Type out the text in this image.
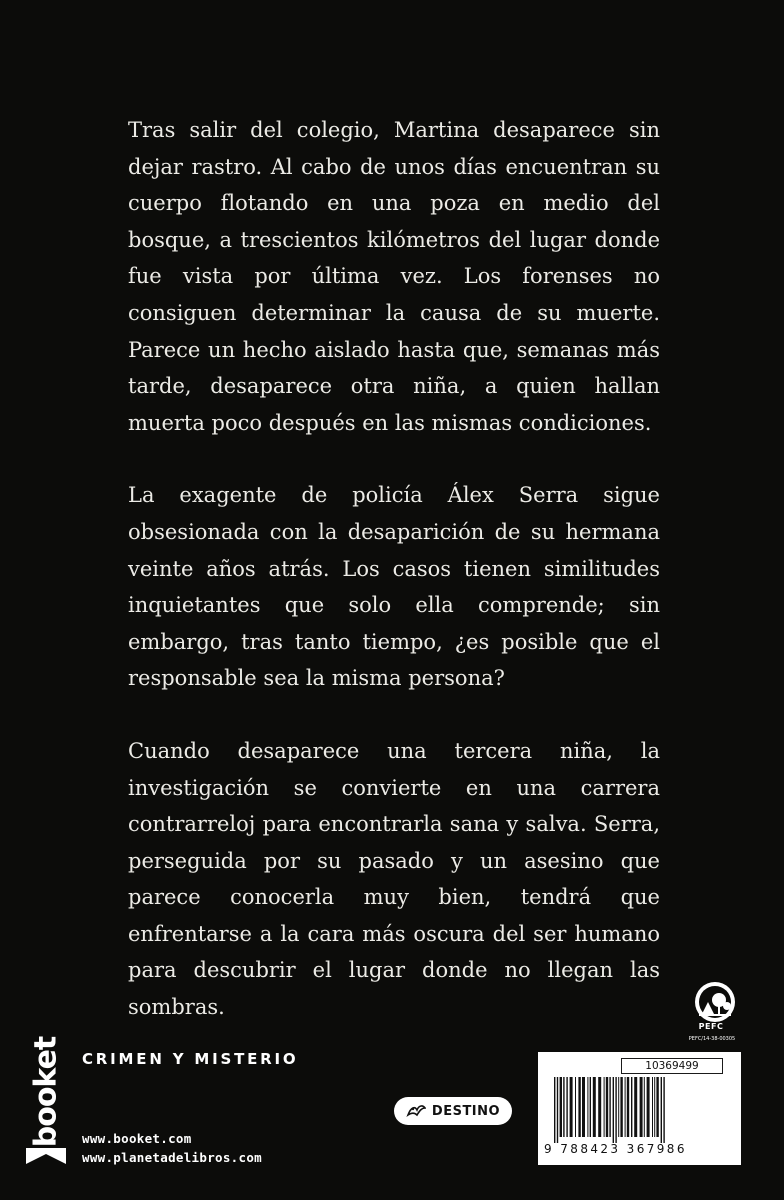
Tras salir del colegio, Martina desaparece sin dejar rastro. Al cabo de unos días encuentran su cuerpo flotando en una poza en medio del bosque, a trescientos kilómetros del lugar donde fue vista por última vez. Los forenses no consiguen determinar la causa de su muerte. Parece un hecho aislado hasta que, semanas más tarde, desaparece otra niña, a quien hallan muerta poco después en las mismas condiciones.

La exagente de policía Álex Serra sigue obsesionada con la desaparición de su hermana veinte años atrás. Los casos tienen similitudes inquietantes que solo ella comprende; sin embargo, tras tanto tiempo, ¿es posible que el responsable sea la misma persona?

Cuando desaparece una tercera niña, la investigación se convierte en una carrera contrarreloj para encontrarla sana y salva. Serra, perseguida por su pasado y un asesino que parece conocerla muy bien, tendrá que enfrentarse a la cara más oscura del ser humano para descubrir el lugar donde no llegan las sombras.

PEFC
PEFC/14-38-00305
booket CRIMEN Y MISTERIO
www.booket.com
www.planetadelibros.com
DESTINO
10369499
9 788423 367986
